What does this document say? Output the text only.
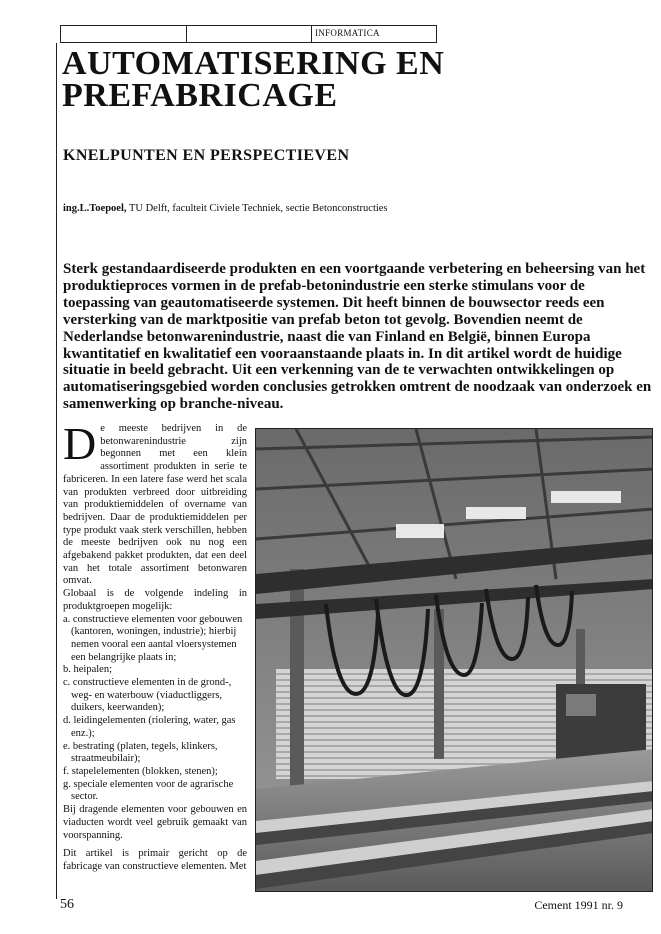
INFORMATICA
AUTOMATISERING EN
PREFABRICAGE
KNELPUNTEN EN PERSPECTIEVEN
ing.L.Toepoel, TU Delft, faculteit Civiele Techniek, sectie Betonconstructies

Sterk gestandaardiseerde produkten en een voortgaande verbetering en beheersing van het produktieproces vormen in de prefab-betonindustrie een sterke stimulans voor de toepassing van geautomatiseerde systemen. Dit heeft binnen de bouwsector reeds een versterking van de marktpositie van prefab beton tot gevolg. Bovendien neemt de Nederlandse betonwarenindustrie, naast die van Finland en België, binnen Europa kwantitatief en kwalitatief een vooraanstaande plaats in. In dit artikel wordt de huidige situatie in beeld gebracht. Uit een verkenning van de te verwachten ontwikkelingen op automatiseringsgebied worden conclusies getrokken omtrent de noodzaak van onderzoek en samenwerking op branche-niveau.

De meeste bedrijven in de betonwarenindustrie zijn begonnen met een klein assortiment produkten in serie te fabriceren. In een latere fase werd het scala van produkten verbreed door uitbreiding van produktiemiddelen of overname van bedrijven. Daar de produktiemiddelen per type produkt vaak sterk verschillen, hebben de meeste bedrijven ook nu nog een afgebakend pakket produkten, dat een deel van het totale assortiment betonwaren omvat.

Globaal is de volgende indeling in produktgroepen mogelijk:

a. constructieve elementen voor gebouwen (kantoren, woningen, industrie); hierbij nemen vooral een aantal vloersystemen een belangrijke plaats in;
b. heipalen;
c. constructieve elementen in de grond-, weg- en waterbouw (viaductliggers, duikers, keerwanden);
d. leidingelementen (riolering, water, gas enz.);
e. bestrating (platen, tegels, klinkers, straatmeubilair);
f. stapelelementen (blokken, stenen);
g. speciale elementen voor de agrarische sector.

Bij dragende elementen voor gebouwen en viaducten wordt veel gebruik gemaakt van voorspanning.

Dit artikel is primair gericht op de fabricage van constructieve elementen. Met

56	Cement 1991 nr. 9
